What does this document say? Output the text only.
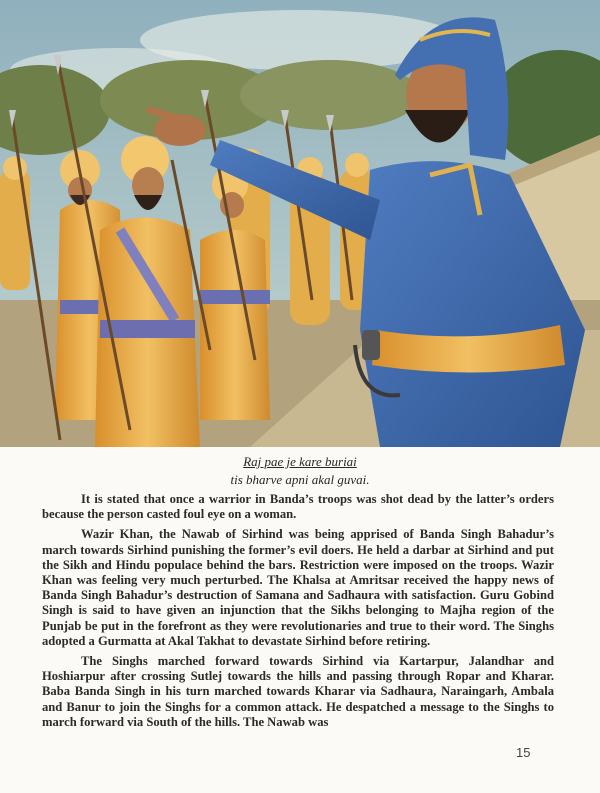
Raj pae je kare buriai
tis bharve apni akal guvai.

It is stated that once a warrior in Banda’s troops was shot dead by the latter’s orders because the person casted foul eye on a woman.

Wazir Khan, the Nawab of Sirhind was being apprised of Banda Singh Bahadur’s march towards Sirhind punishing the former’s evil doers. He held a darbar at Sirhind and put the Sikh and Hindu populace behind the bars. Restriction were imposed on the troops. Wazir Khan was feeling very much perturbed. The Khalsa at Amritsar received the happy news of Banda Singh Bahadur’s destruction of Samana and Sadhaura with satisfaction. Guru Gobind Singh is said to have given an injunction that the Sikhs belonging to Majha region of the Punjab be put in the forefront as they were revolutionaries and true to their word. The Singhs adopted a Gurmatta at Akal Takhat to devastate Sirhind before retiring.

The Singhs marched forward towards Sirhind via Kartarpur, Jalandhar and Hoshiarpur after crossing Sutlej towards the hills and passing through Ropar and Kharar. Baba Banda Singh in his turn marched towards Kharar via Sadhaura, Naraingarh, Ambala and Banur to join the Singhs for a common attack. He despatched a message to the Singhs to march forward via South of the hills. The Nawab was

15
